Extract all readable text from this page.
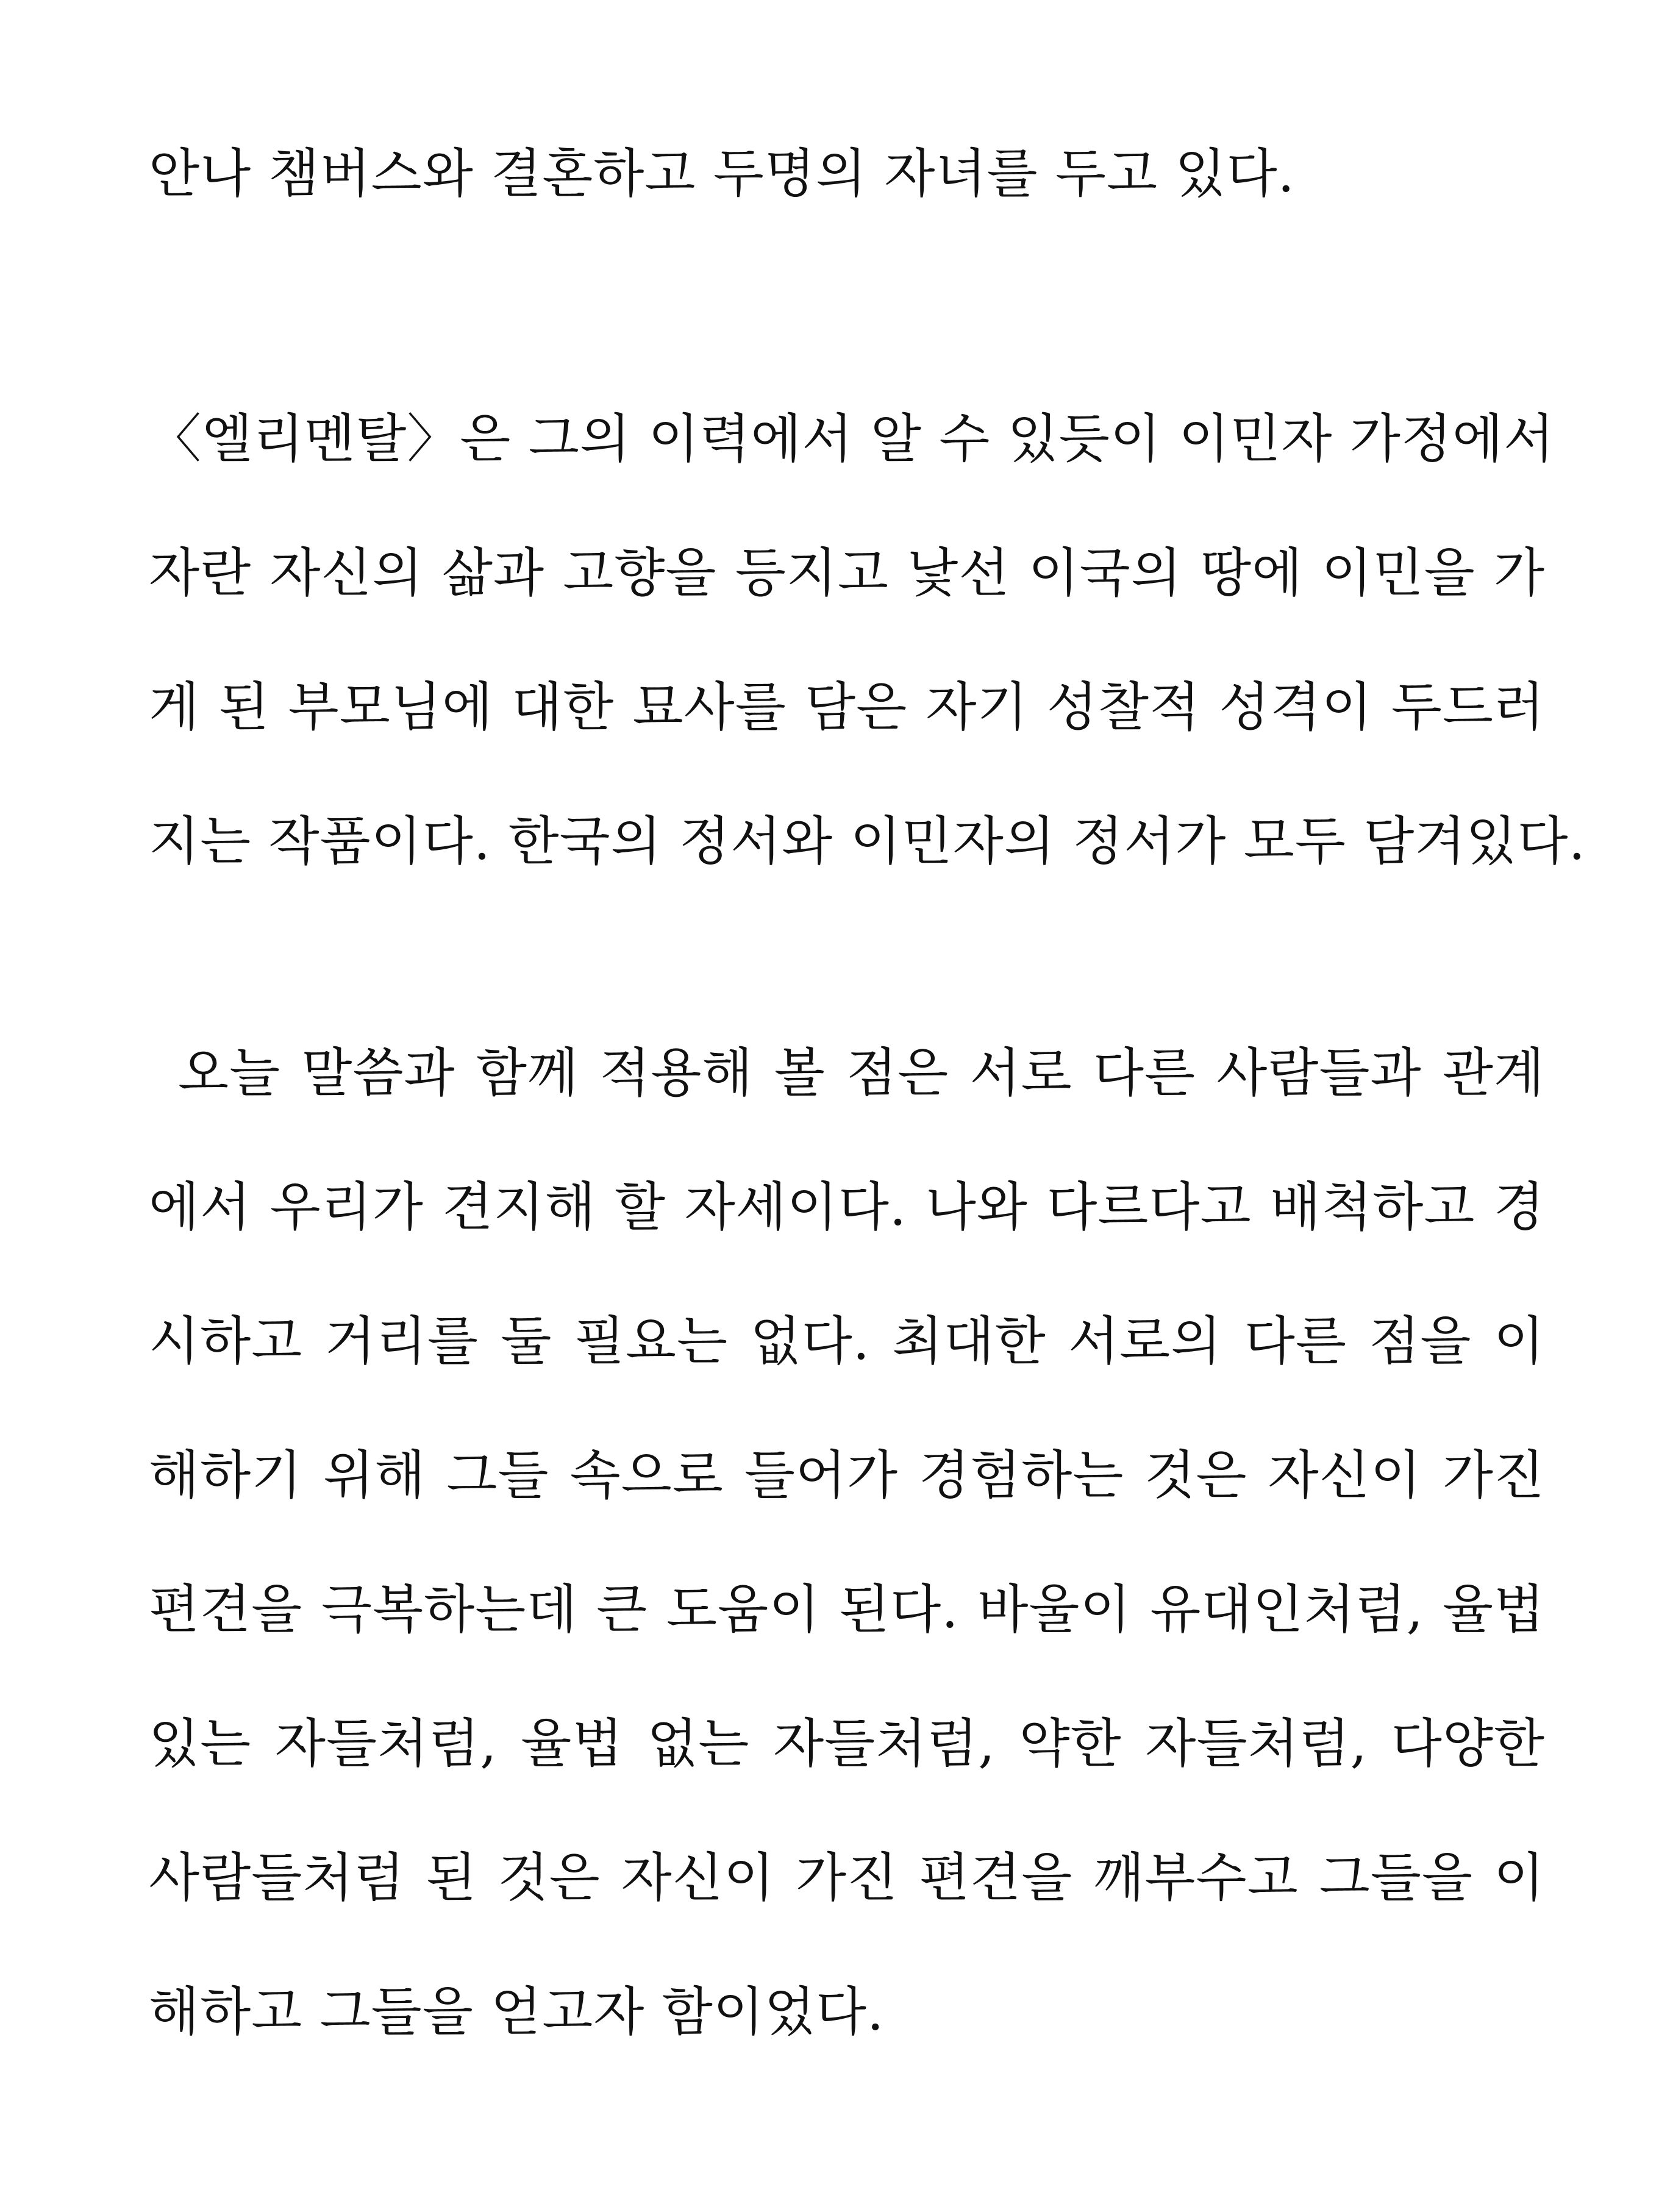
안나 챔버스와 결혼하고 두명의 자녀를 두고 있다.
〈엘리멘탈〉은 그의 이력에서 알 수 있듯이 이민자 가정에서
자란 자신의 삶과 고향을 등지고 낯선 이국의 땅에 이민을 가
게 된 부모님에 대한 묘사를 담은 자기 성찰적 성격이 두드러
지는 작품이다. 한국의 정서와 이민자의 정서가 모두 담겨있다.
오늘 말씀과 함께 적용해 볼 점은 서로 다른 사람들과 관계
에서 우리가 견지해 할 자세이다. 나와 다르다고 배척하고 경
시하고 거리를 둘 필요는 없다. 최대한 서로의 다른 점을 이
해하기 위해 그들 속으로 들어가 경험하는 것은 자신이 가진
편견을 극복하는데 큰 도움이 된다. 바울이 유대인처럼, 율법
있는 자들처럼, 율법 없는 자들처럼, 약한 자들처럼, 다양한
사람들처럼 된 것은 자신이 가진 편견을 깨부수고 그들을 이
해하고 그들을 얻고자 함이었다.
